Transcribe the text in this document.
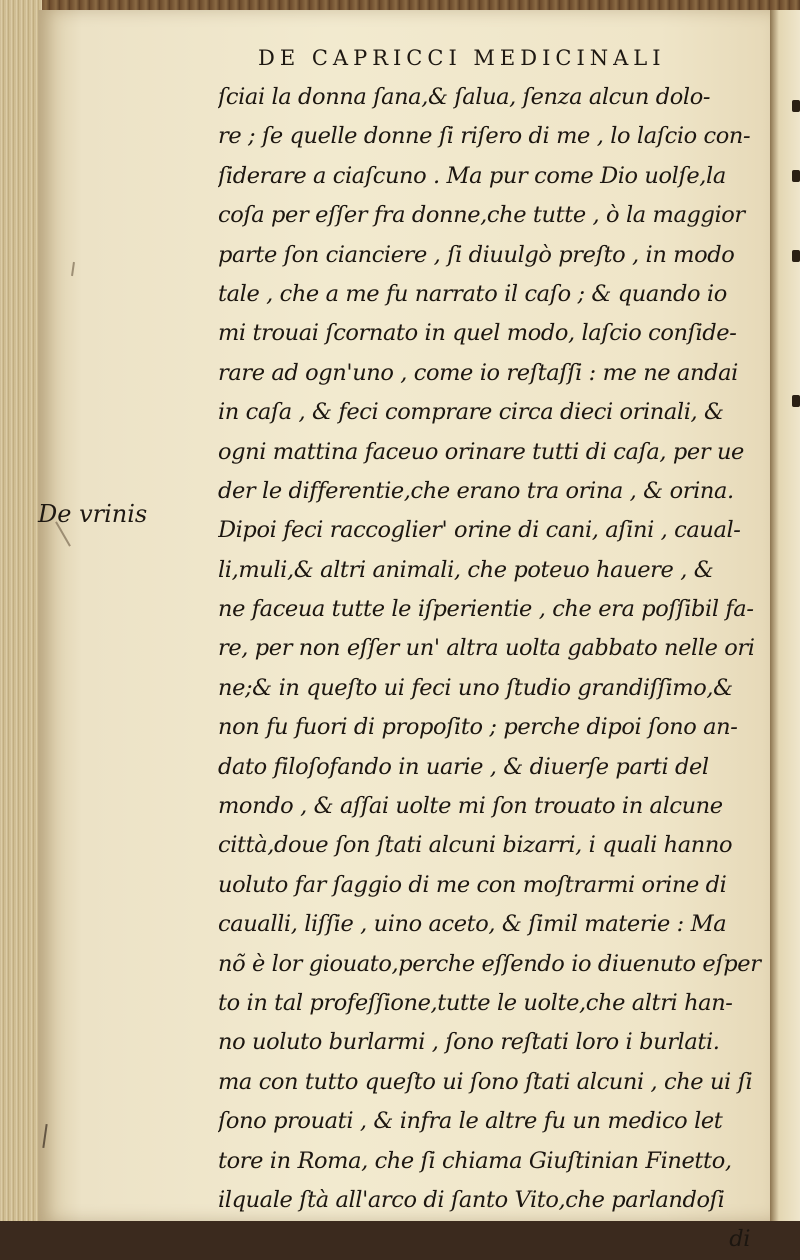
DE CAPRICCI MEDICINALI
De vrinis
ſciai la donna ſana,& ſalua, ſenza alcun dolo-
re ; ſe quelle donne ſi riſero di me , lo laſcio con-
ſiderare a ciaſcuno . Ma pur come Dio uolſe,la
coſa per eſſer fra donne,che tutte , ò la maggior
parte ſon cianciere , ſi diuulgò preſto , in modo
tale , che a me fu narrato il caſo ; & quando io
mi trouai ſcornato in quel modo, laſcio conſide-
rare ad ogn'uno , come io reſtaſſi : me ne andai
in caſa , & feci comprare circa dieci orinali, &
ogni mattina faceuo orinare tutti di caſa, per ue
der le differentie,che erano tra orina , & orina.
Dipoi feci raccoglier' orine di cani, aſini , caual-
li,muli,& altri animali, che poteuo hauere , &
ne faceua tutte le iſperientie , che era poſſibil fa-
re, per non eſſer un' altra uolta gabbato nelle ori
ne;& in queſto ui feci uno ſtudio grandiſſimo,&
non fu fuori di propoſito ; perche dipoi ſono an-
dato filoſofando in uarie , & diuerſe parti del
mondo , & aſſai uolte mi ſon trouato in alcune
città,doue ſon ſtati alcuni bizarri, i quali hanno
uoluto far ſaggio di me con moſtrarmi orine di
caualli, liſſie , uino aceto, & ſimil materie : Ma
nõ è lor giouato,perche eſſendo io diuenuto eſper
to in tal profeſſione,tutte le uolte,che altri han-
no uoluto burlarmi , ſono reſtati loro i burlati.
ma con tutto queſto ui ſono ſtati alcuni , che ui ſi
ſono prouati , & infra le altre fu un medico let
tore in Roma, che ſi chiama Giuſtinian Finetto,
ilquale ſtà all'arco di ſanto Vito,che parlandoſi
di
